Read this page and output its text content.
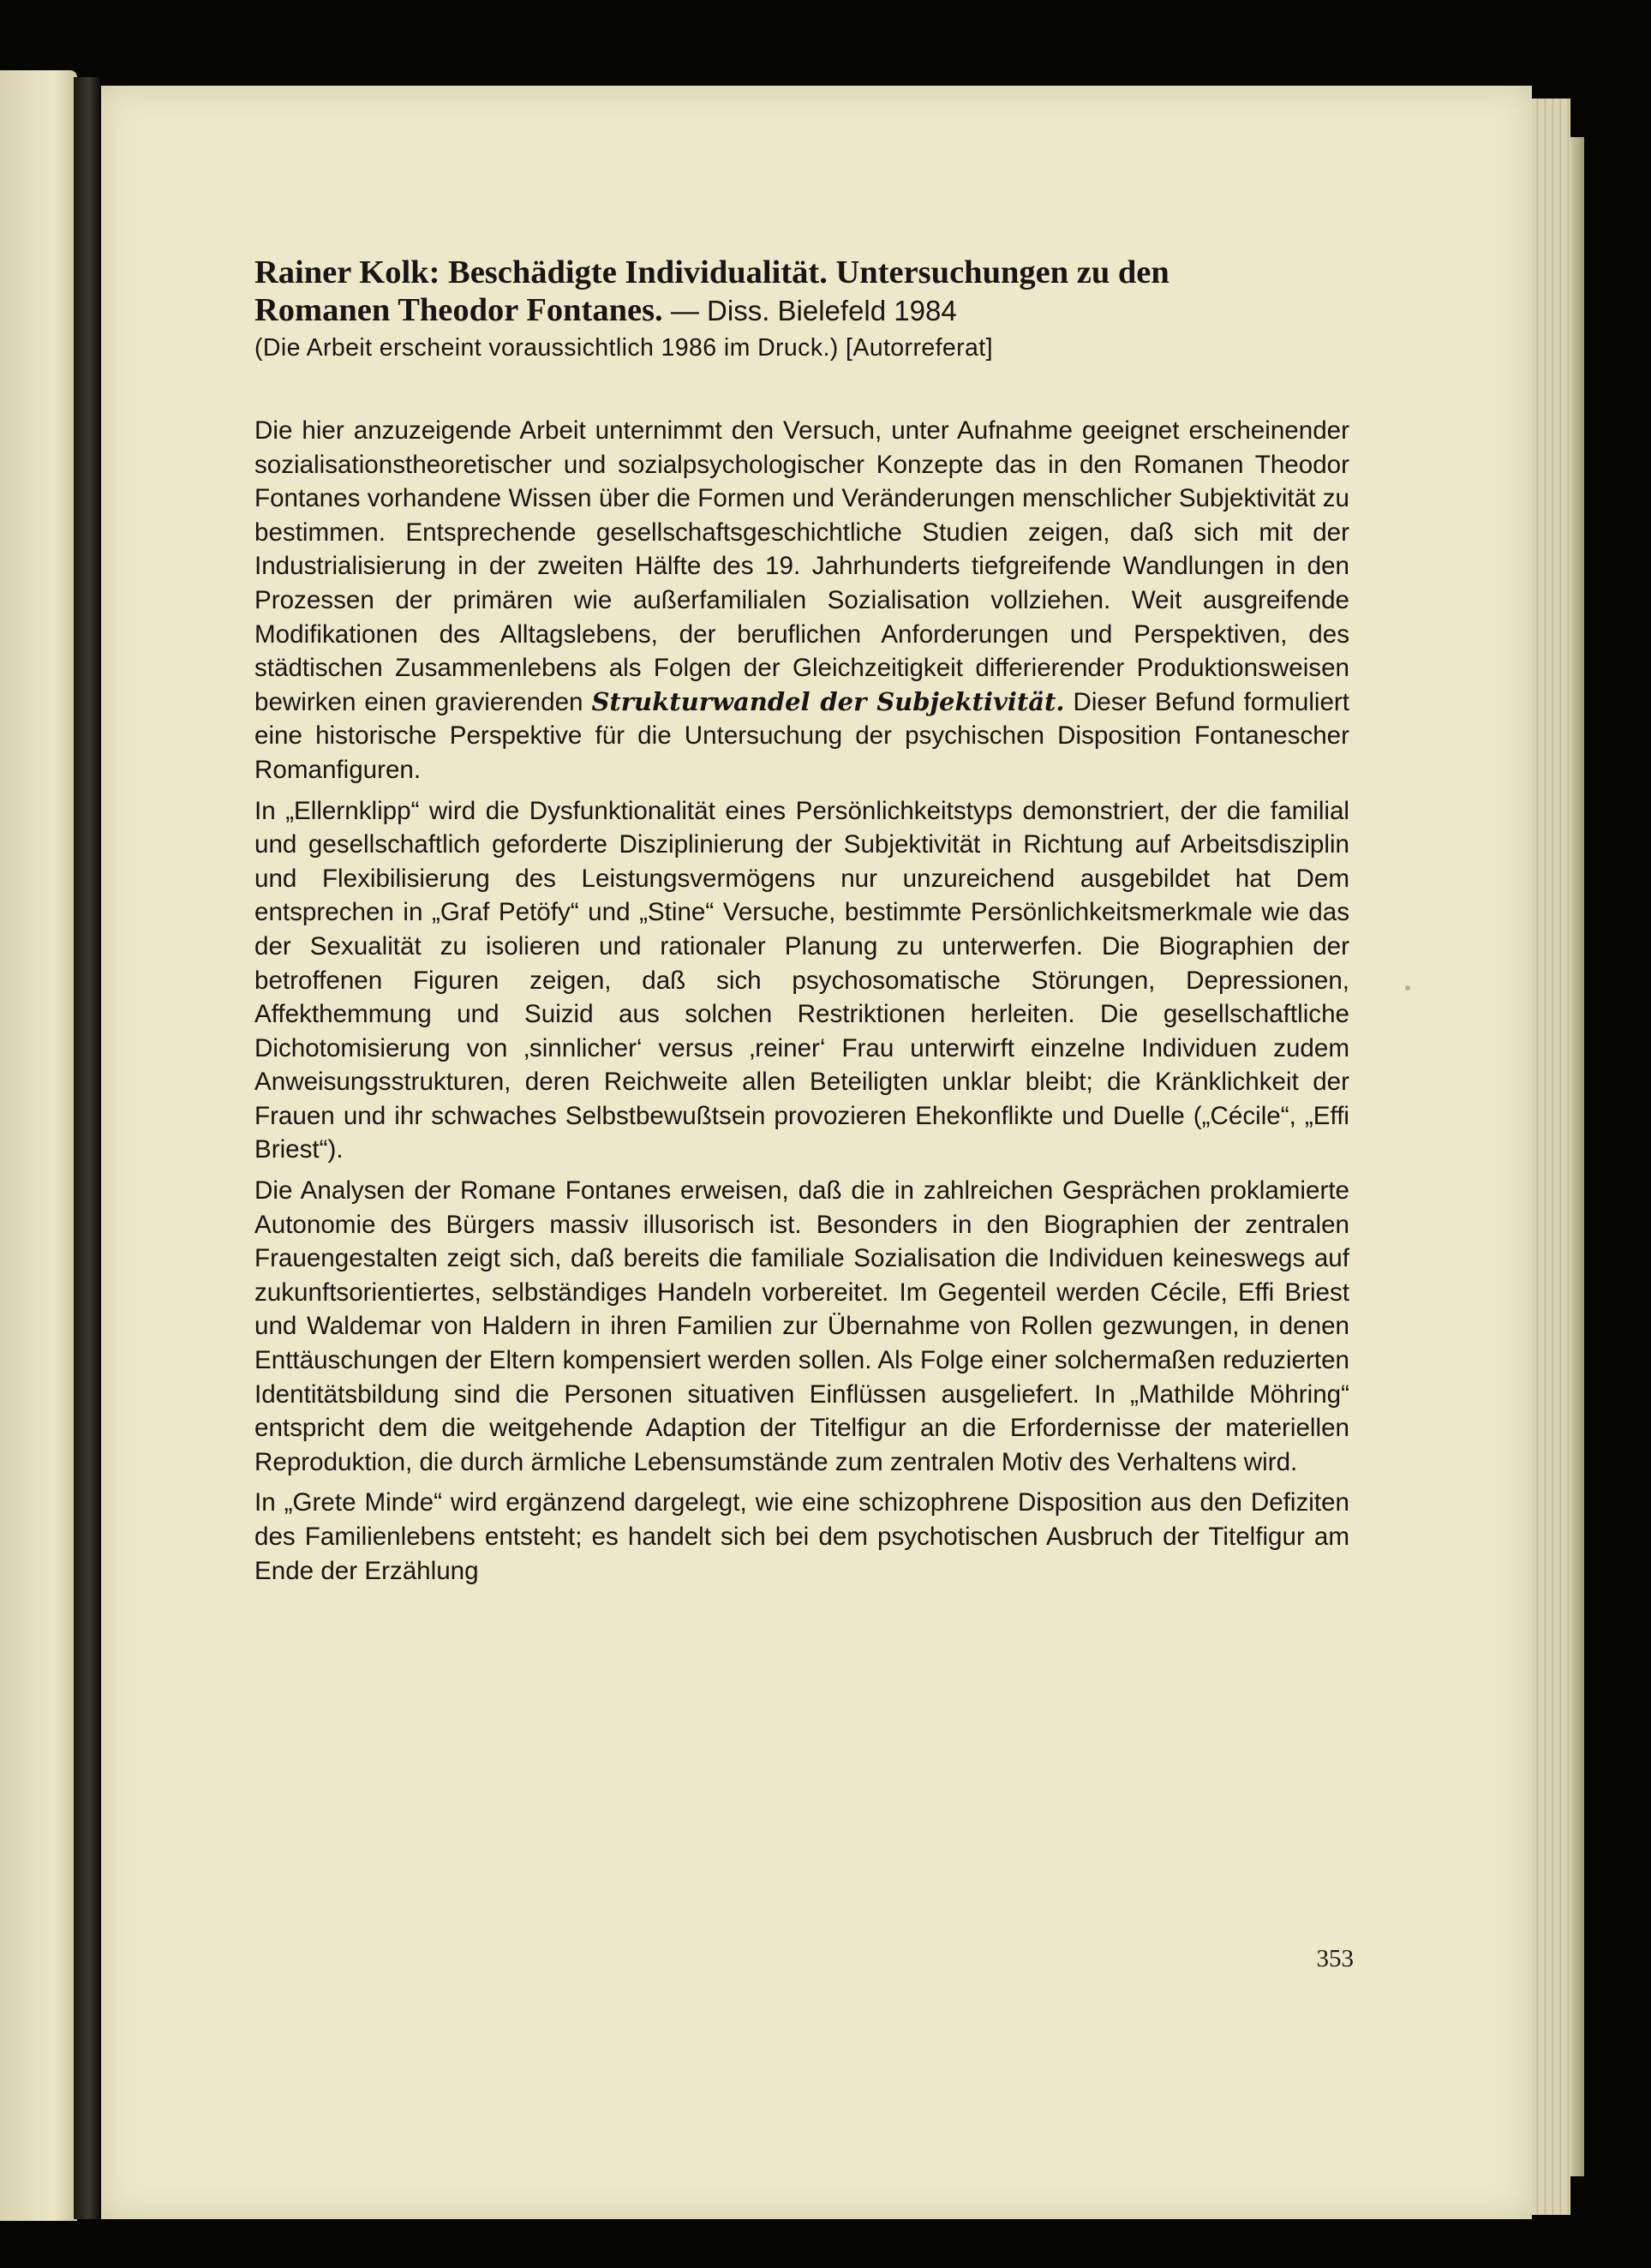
Rainer Kolk: Beschädigte Individualität. Untersuchungen zu den
Romanen Theodor Fontanes. — Diss. Bielefeld 1984

(Die Arbeit erscheint voraussichtlich 1986 im Druck.) [Autorreferat]

Die hier anzuzeigende Arbeit unternimmt den Versuch, unter Aufnahme geeignet erscheinender sozialisationstheoretischer und sozialpsychologischer Konzepte das in den Romanen Theodor Fontanes vorhandene Wissen über die Formen und Veränderungen menschlicher Subjektivität zu bestimmen. Entsprechende gesellschaftsgeschichtliche Studien zeigen, daß sich mit der Industrialisierung in der zweiten Hälfte des 19. Jahrhunderts tiefgreifende Wandlungen in den Prozessen der primären wie außerfamilialen Sozialisation vollziehen. Weit ausgreifende Modifikationen des Alltagslebens, der beruflichen Anforderungen und Perspektiven, des städtischen Zusammenlebens als Folgen der Gleichzeitigkeit differierender Produktionsweisen bewirken einen gravierenden Strukturwandel der Subjektivität. Dieser Befund formuliert eine historische Perspektive für die Untersuchung der psychischen Disposition Fontanescher Romanfiguren.

In „Ellernklipp“ wird die Dysfunktionalität eines Persönlichkeitstyps demonstriert, der die familial und gesellschaftlich geforderte Disziplinierung der Subjektivität in Richtung auf Arbeitsdisziplin und Flexibilisierung des Leistungsvermögens nur unzureichend ausgebildet hat Dem entsprechen in „Graf Petöfy“ und „Stine“ Versuche, bestimmte Persönlichkeitsmerkmale wie das der Sexualität zu isolieren und rationaler Planung zu unterwerfen. Die Biographien der betroffenen Figuren zeigen, daß sich psychosomatische Störungen, Depressionen, Affekthemmung und Suizid aus solchen Restriktionen herleiten. Die gesellschaftliche Dichotomisierung von ‚sinnlicher‘ versus ‚reiner‘ Frau unterwirft einzelne Individuen zudem Anweisungsstrukturen, deren Reichweite allen Beteiligten unklar bleibt; die Kränklichkeit der Frauen und ihr schwaches Selbstbewußtsein provozieren Ehekonflikte und Duelle („Cécile“, „Effi Briest“).

Die Analysen der Romane Fontanes erweisen, daß die in zahlreichen Gesprächen proklamierte Autonomie des Bürgers massiv illusorisch ist. Besonders in den Biographien der zentralen Frauengestalten zeigt sich, daß bereits die familiale Sozialisation die Individuen keineswegs auf zukunftsorientiertes, selbständiges Handeln vorbereitet. Im Gegenteil werden Cécile, Effi Briest und Waldemar von Haldern in ihren Familien zur Übernahme von Rollen gezwungen, in denen Enttäuschungen der Eltern kompensiert werden sollen. Als Folge einer solchermaßen reduzierten Identitätsbildung sind die Personen situativen Einflüssen ausgeliefert. In „Mathilde Möhring“ entspricht dem die weitgehende Adaption der Titelfigur an die Erfordernisse der materiellen Reproduktion, die durch ärmliche Lebensumstände zum zentralen Motiv des Verhaltens wird.

In „Grete Minde“ wird ergänzend dargelegt, wie eine schizophrene Disposition aus den Defiziten des Familienlebens entsteht; es handelt sich bei dem psychotischen Ausbruch der Titelfigur am Ende der Erzählung

353
